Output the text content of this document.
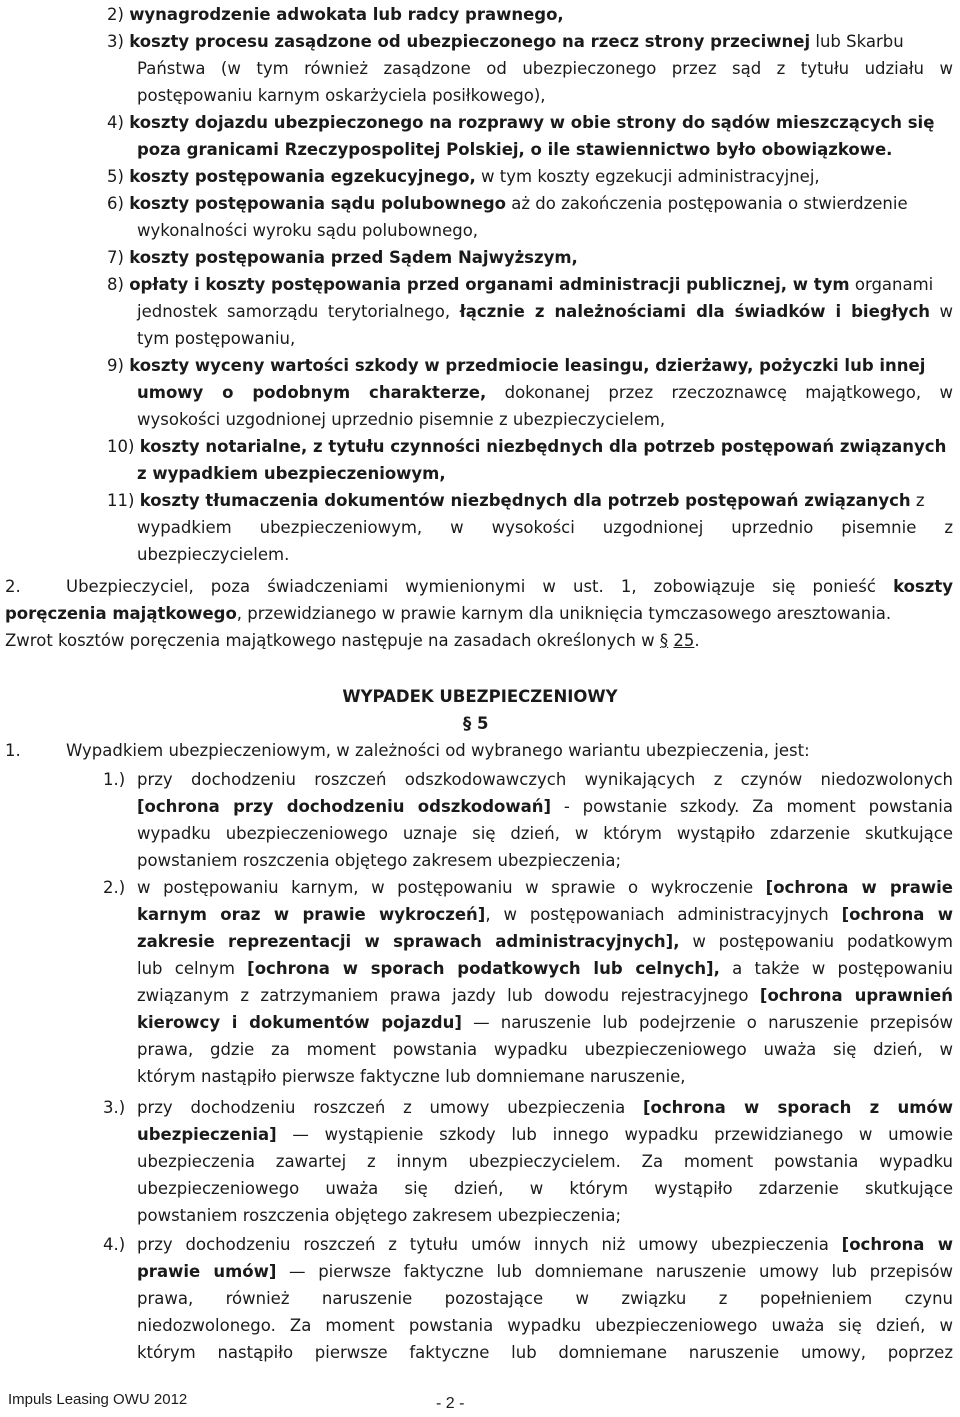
2) wynagrodzenie adwokata lub radcy prawnego,
3) koszty procesu zasądzone od ubezpieczonego na rzecz strony przeciwnej lub Skarbu
Państwa (w tym również zasądzone od ubezpieczonego przez sąd z tytułu udziału w
postępowaniu karnym oskarżyciela posiłkowego),
4) koszty dojazdu ubezpieczonego na rozprawy w obie strony do sądów mieszczących się
poza granicami Rzeczypospolitej Polskiej, o ile stawiennictwo było obowiązkowe.
5) koszty postępowania egzekucyjnego, w tym koszty egzekucji administracyjnej,
6) koszty postępowania sądu polubownego aż do zakończenia postępowania o stwierdzenie
wykonalności wyroku sądu polubownego,
7) koszty postępowania przed Sądem Najwyższym,
8) opłaty i koszty postępowania przed organami administracji publicznej, w tym organami
jednostek samorządu terytorialnego, łącznie z należnościami dla świadków i biegłych w
tym postępowaniu,
9) koszty wyceny wartości szkody w przedmiocie leasingu, dzierżawy, pożyczki lub innej
umowy o podobnym charakterze, dokonanej przez rzeczoznawcę majątkowego, w
wysokości uzgodnionej uprzednio pisemnie z ubezpieczycielem,
10) koszty notarialne, z tytułu czynności niezbędnych dla potrzeb postępowań związanych
z wypadkiem ubezpieczeniowym,
11) koszty tłumaczenia dokumentów niezbędnych dla potrzeb postępowań związanych z
wypadkiem ubezpieczeniowym, w wysokości uzgodnionej uprzednio pisemnie z
ubezpieczycielem.
2.	Ubezpieczyciel, poza świadczeniami wymienionymi w ust. 1, zobowiązuje się ponieść koszty
poręczenia majątkowego, przewidzianego w prawie karnym dla uniknięcia tymczasowego aresztowania.
Zwrot kosztów poręczenia majątkowego następuje na zasadach określonych w § 25.
WYPADEK UBEZPIECZENIOWY
§ 5
1.	Wypadkiem ubezpieczeniowym, w zależności od wybranego wariantu ubezpieczenia, jest:
1.) przy dochodzeniu roszczeń odszkodowawczych wynikających z czynów niedozwolonych
[ochrona przy dochodzeniu odszkodowań] - powstanie szkody. Za moment powstania
wypadku ubezpieczeniowego uznaje się dzień, w którym wystąpiło zdarzenie skutkujące
powstaniem roszczenia objętego zakresem ubezpieczenia;
2.) w postępowaniu karnym, w postępowaniu w sprawie o wykroczenie [ochrona w prawie
karnym oraz w prawie wykroczeń], w postępowaniach administracyjnych [ochrona w
zakresie reprezentacji w sprawach administracyjnych], w postępowaniu podatkowym
lub celnym [ochrona w sporach podatkowych lub celnych], a także w postępowaniu
związanym z zatrzymaniem prawa jazdy lub dowodu rejestracyjnego [ochrona uprawnień
kierowcy i dokumentów pojazdu] — naruszenie lub podejrzenie o naruszenie przepisów
prawa, gdzie za moment powstania wypadku ubezpieczeniowego uważa się dzień, w
którym nastąpiło pierwsze faktyczne lub domniemane naruszenie,
3.) przy dochodzeniu roszczeń z umowy ubezpieczenia [ochrona w sporach z umów
ubezpieczenia] — wystąpienie szkody lub innego wypadku przewidzianego w umowie
ubezpieczenia zawartej z innym ubezpieczycielem. Za moment powstania wypadku
ubezpieczeniowego uważa się dzień, w którym wystąpiło zdarzenie skutkujące
powstaniem roszczenia objętego zakresem ubezpieczenia;
4.) przy dochodzeniu roszczeń z tytułu umów innych niż umowy ubezpieczenia [ochrona w
prawie umów] — pierwsze faktyczne lub domniemane naruszenie umowy lub przepisów
prawa, również naruszenie pozostające w związku z popełnieniem czynu
niedozwolonego. Za moment powstania wypadku ubezpieczeniowego uważa się dzień, w
którym nastąpiło pierwsze faktyczne lub domniemane naruszenie umowy, poprzez
Impuls Leasing OWU 2012	- 2 -
